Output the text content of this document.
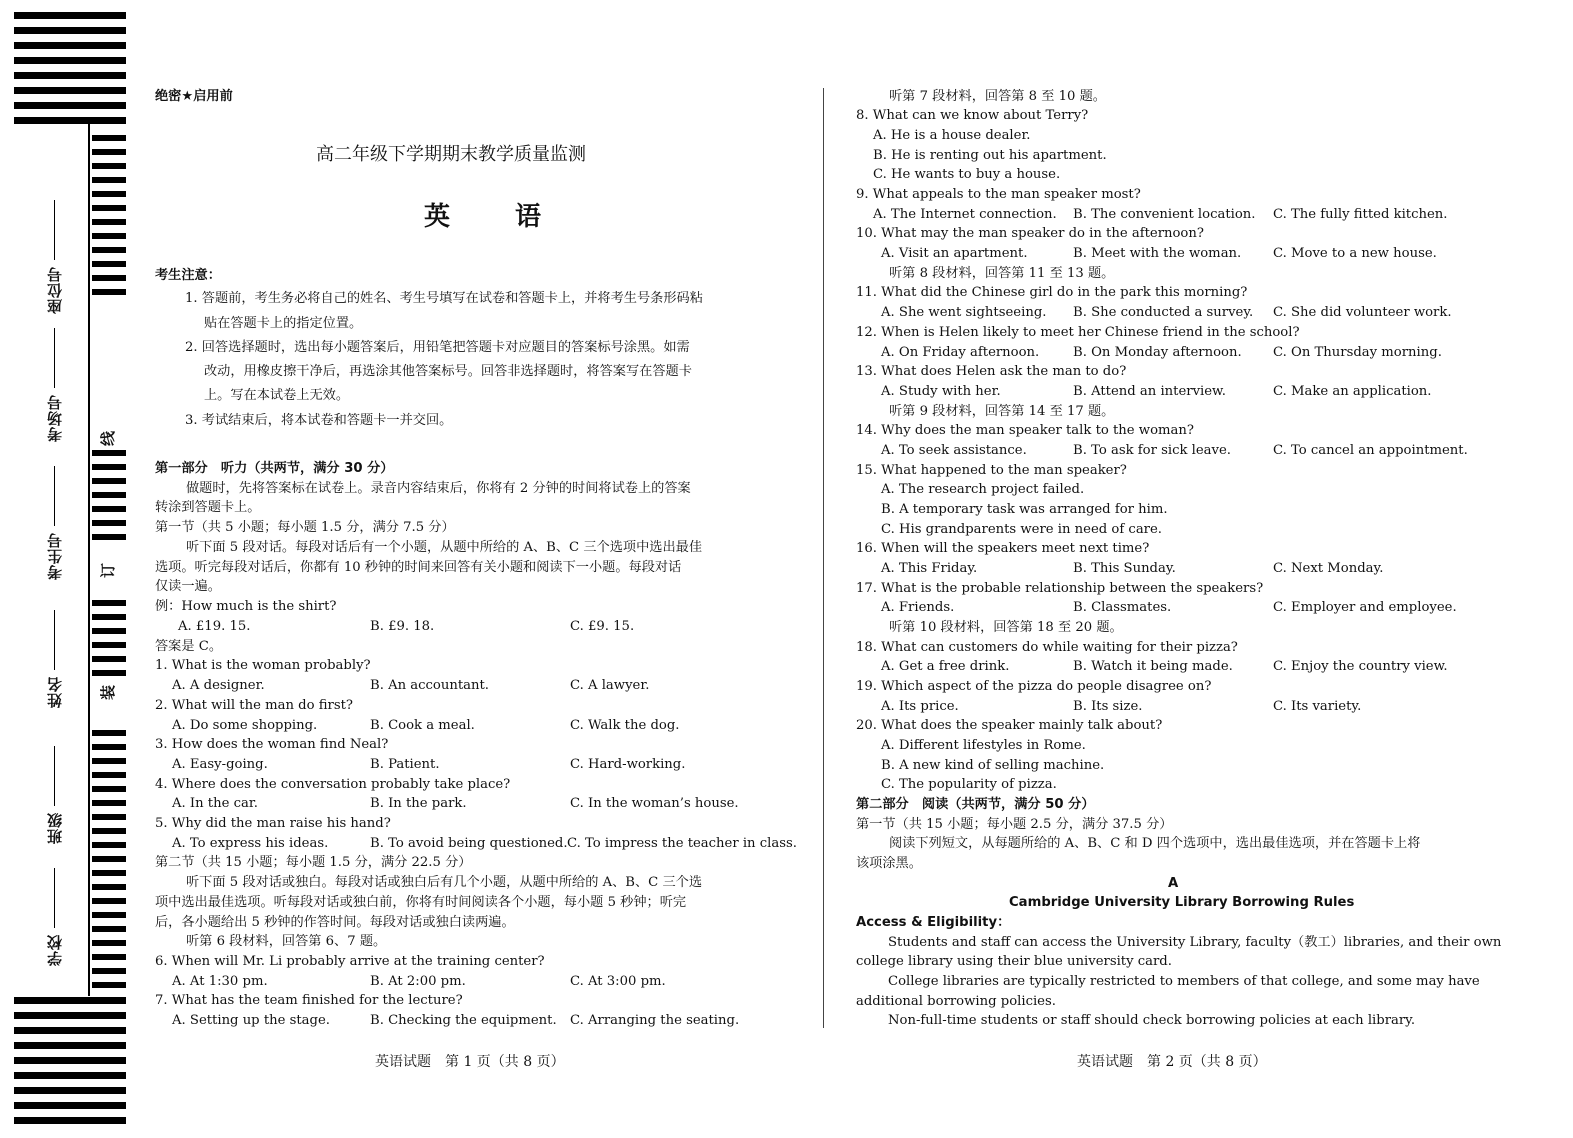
座位号
考场号
考生号
姓名
班级
学校
线
订
装
绝密★启用前
高二年级下学期期末教学质量监测
英 语
考生注意：
1. 答题前，考生务必将自己的姓名、考生号填写在试卷和答题卡上，并将考生号条形码粘
贴在答题卡上的指定位置。
2. 回答选择题时，选出每小题答案后，用铅笔把答题卡对应题目的答案标号涂黑。如需
改动，用橡皮擦干净后，再选涂其他答案标号。回答非选择题时，将答案写在答题卡
上。写在本试卷上无效。
3. 考试结束后，将本试卷和答题卡一并交回。
第一部分　听力（共两节，满分 30 分）
做题时，先将答案标在试卷上。录音内容结束后，你将有 2 分钟的时间将试卷上的答案
转涂到答题卡上。
第一节（共 5 小题；每小题 1.5 分，满分 7.5 分）
听下面 5 段对话。每段对话后有一个小题，从题中所给的 A、B、C 三个选项中选出最佳
选项。听完每段对话后，你都有 10 秒钟的时间来回答有关小题和阅读下一小题。每段对话
仅读一遍。
例：How much is the shirt?
A. £19. 15.	B. £9. 18.	C. £9. 15.
答案是 C。
1. What is the woman probably?
A. A designer.	B. An accountant.	C. A lawyer.
2. What will the man do first?
A. Do some shopping.	B. Cook a meal.	C. Walk the dog.
3. How does the woman find Neal?
A. Easy-going.	B. Patient.	C. Hard-working.
4. Where does the conversation probably take place?
A. In the car.	B. In the park.	C. In the woman’s house.
5. Why did the man raise his hand?
A. To express his ideas.	B. To avoid being questioned. C. To impress the teacher in class.
第二节（共 15 小题；每小题 1.5 分，满分 22.5 分）
听下面 5 段对话或独白。每段对话或独白后有几个小题，从题中所给的 A、B、C 三个选
项中选出最佳选项。听每段对话或独白前，你将有时间阅读各个小题，每小题 5 秒钟；听完
后，各小题给出 5 秒钟的作答时间。每段对话或独白读两遍。
听第 6 段材料，回答第 6、7 题。
6. When will Mr. Li probably arrive at the training center?
A. At 1:30 pm.	B. At 2:00 pm.	C. At 3:00 pm.
7. What has the team finished for the lecture?
A. Setting up the stage.	B. Checking the equipment. C. Arranging the seating.
英语试题　第 1 页（共 8 页）
听第 7 段材料，回答第 8 至 10 题。
8. What can we know about Terry?
A. He is a house dealer.
B. He is renting out his apartment.
C. He wants to buy a house.
9. What appeals to the man speaker most?
A. The Internet connection. B. The convenient location. C. The fully fitted kitchen.
10. What may the man speaker do in the afternoon?
A. Visit an apartment.	B. Meet with the woman. C. Move to a new house.
听第 8 段材料，回答第 11 至 13 题。
11. What did the Chinese girl do in the park this morning?
A. She went sightseeing. B. She conducted a survey. C. She did volunteer work.
12. When is Helen likely to meet her Chinese friend in the school?
A. On Friday afternoon.	B. On Monday afternoon. C. On Thursday morning.
13. What does Helen ask the man to do?
A. Study with her.	B. Attend an interview.	C. Make an application.
听第 9 段材料，回答第 14 至 17 题。
14. Why does the man speaker talk to the woman?
A. To seek assistance.	B. To ask for sick leave.	C. To cancel an appointment.
15. What happened to the man speaker?
A. The research project failed.
B. A temporary task was arranged for him.
C. His grandparents were in need of care.
16. When will the speakers meet next time?
A. This Friday.	B. This Sunday.	C. Next Monday.
17. What is the probable relationship between the speakers?
A. Friends.	B. Classmates.	C. Employer and employee.
听第 10 段材料，回答第 18 至 20 题。
18. What can customers do while waiting for their pizza?
A. Get a free drink.	B. Watch it being made.	C. Enjoy the country view.
19. Which aspect of the pizza do people disagree on?
A. Its price.	B. Its size.	C. Its variety.
20. What does the speaker mainly talk about?
A. Different lifestyles in Rome.
B. A new kind of selling machine.
C. The popularity of pizza.
第二部分　阅读（共两节，满分 50 分）
第一节（共 15 小题；每小题 2.5 分，满分 37.5 分）
阅读下列短文，从每题所给的 A、B、C 和 D 四个选项中，选出最佳选项，并在答题卡上将
该项涂黑。
A
Cambridge University Library Borrowing Rules
Access & Eligibility：
Students and staff can access the University Library, faculty（教工）libraries, and their own
college library using their blue university card.
College libraries are typically restricted to members of that college, and some may have
additional borrowing policies.
Non-full-time students or staff should check borrowing policies at each library.
英语试题　第 2 页（共 8 页）
